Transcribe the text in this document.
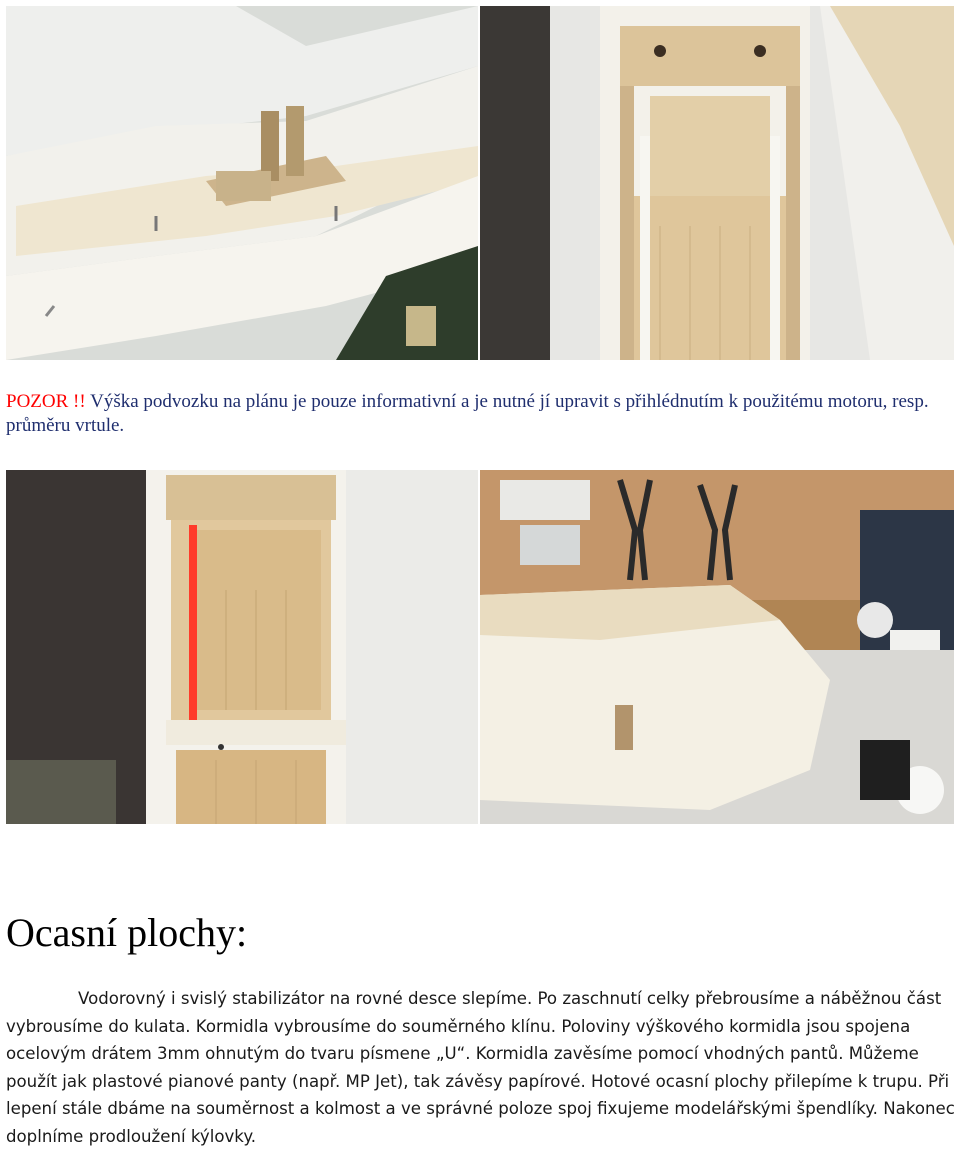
POZOR !! Výška podvozku na plánu je pouze informativní a je nutné jí upravit s přihlédnutím k použitému motoru, resp. průměru vrtule.
Ocasní plochy:

Vodorovný i svislý stabilizátor na rovné desce slepíme. Po zaschnutí celky přebrousíme a náběžnou část vybrousíme do kulata. Kormidla vybrousíme do souměrného klínu. Poloviny výškového kormidla jsou spojena ocelovým drátem 3mm ohnutým do tvaru písmene „U“. Kormidla zavěsíme pomocí vhodných pantů. Můžeme použít jak plastové pianové panty (např. MP Jet), tak závěsy papírové. Hotové ocasní plochy přilepíme k trupu. Při lepení stále dbáme na souměrnost a kolmost a ve správné poloze spoj fixujeme modelářskými špendlíky. Nakonec doplníme prodloužení kýlovky.
